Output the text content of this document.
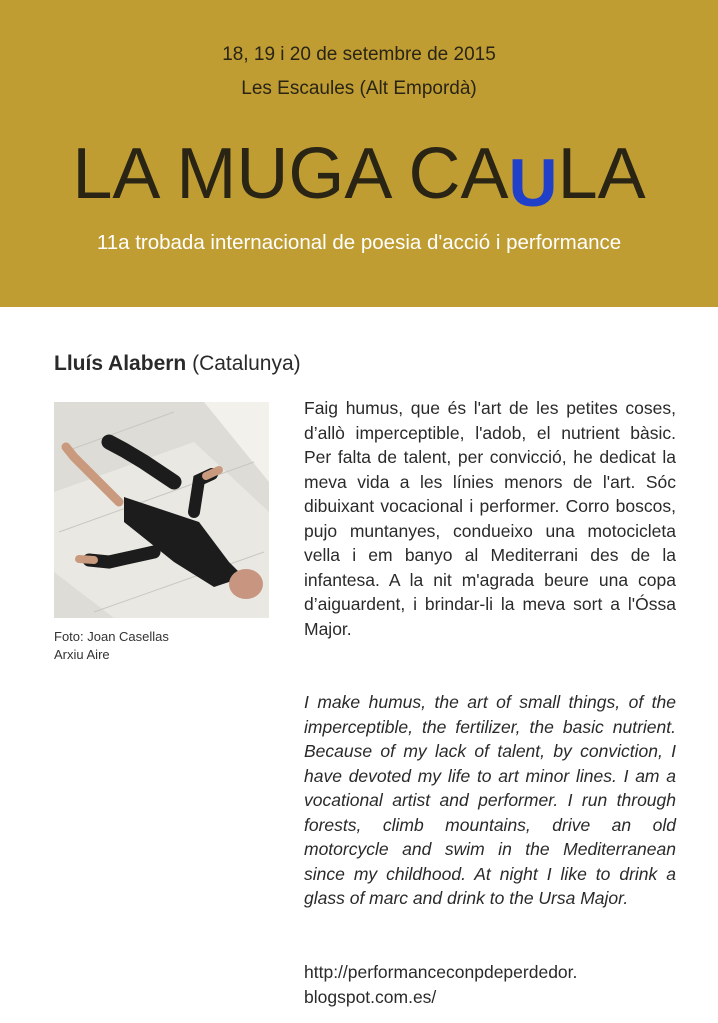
18, 19 i 20 de setembre de 2015
Les Escaules (Alt Empordà)
LA MUGA CAULA
11a trobada internacional de poesia d'acció i performance
Lluís Alabern (Catalunya)
Foto: Joan Casellas
Arxiu Aire
Faig humus, que és l'art de les petites coses, d’allò imperceptible, l'adob, el nutrient bàsic. Per falta de talent, per convicció, he dedicat la meva vida a les línies menors de l'art. Sóc dibuixant vocacional i performer. Corro boscos, pujo muntanyes, condueixo una motocicleta vella i em banyo al Mediterrani des de la infantesa. A la nit m'agrada beure una copa d’aiguardent, i brindar-li la meva sort a l'Óssa Major.
I make humus, the art of small things, of the imperceptible, the fertilizer, the basic nutrient. Because of my lack of talent, by conviction, I have devoted my life to art minor lines. I am a vocational artist and performer. I run through forests, climb mountains, drive an old motorcycle and swim in the Mediterranean since my childhood. At night I like to drink a glass of marc and drink to the Ursa Major.
http://performanceconpdeperdedor.
blogspot.com.es/
